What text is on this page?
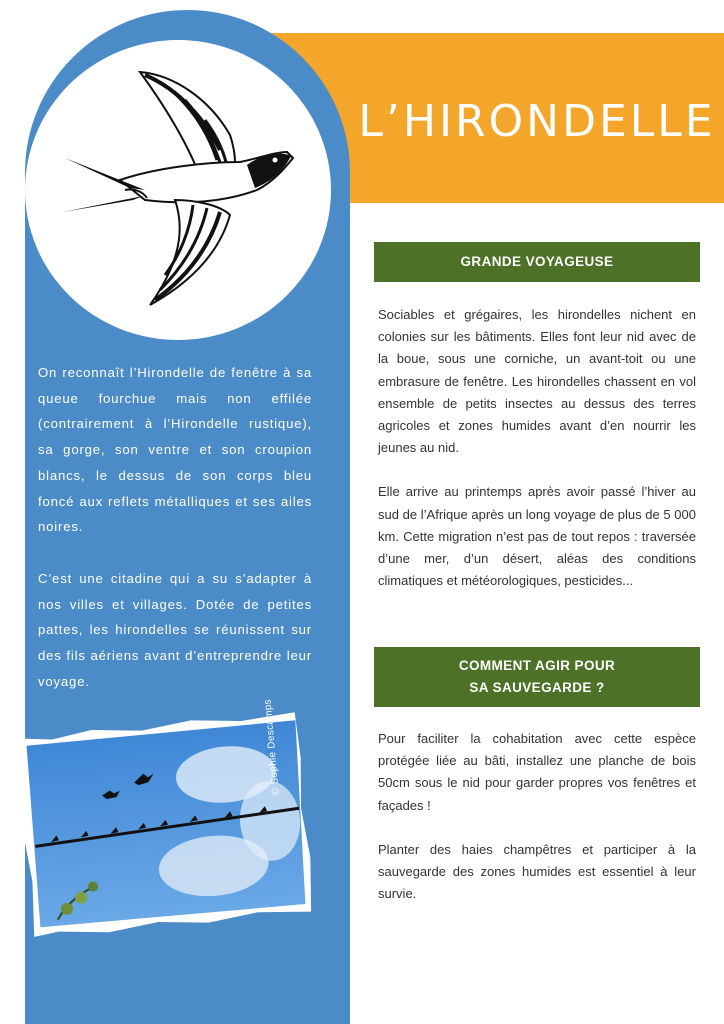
L’HIRONDELLE

On reconnaît l’Hirondelle de fenêtre à sa queue fourchue mais non effilée (contrairement à l’Hirondelle rustique), sa gorge, son ventre et son croupion blancs, le dessus de son corps bleu foncé aux reflets métalliques et ses ailes noires.

C’est une citadine qui a su s’adapter à nos villes et villages. Dotée de petites pattes, les hirondelles se réunissent sur des fils aériens avant d’entreprendre leur voyage.

© Sophie Descamps
GRANDE VOYAGEUSE

Sociables et grégaires, les hirondelles nichent en colonies sur les bâtiments. Elles font leur nid avec de la boue, sous une corniche, un avant-toit ou une embrasure de fenêtre. Les hirondelles chassent en vol ensemble de petits insectes au dessus des terres agricoles et zones humides avant d’en nourrir les jeunes au nid.

Elle arrive au printemps après avoir passé l’hiver au sud de l’Afrique après un long voyage de plus de 5 000 km. Cette migration n’est pas de tout repos : traversée d’une mer, d’un désert, aléas des conditions climatiques et météorologiques, pesticides...

COMMENT AGIR POUR
SA SAUVEGARDE ?

Pour faciliter la cohabitation avec cette espèce protégée liée au bâti, installez une planche de bois 50cm sous le nid pour garder propres vos fenêtres et façades !

Planter des haies champêtres et participer à la sauvegarde des zones humides est essentiel à leur survie.
